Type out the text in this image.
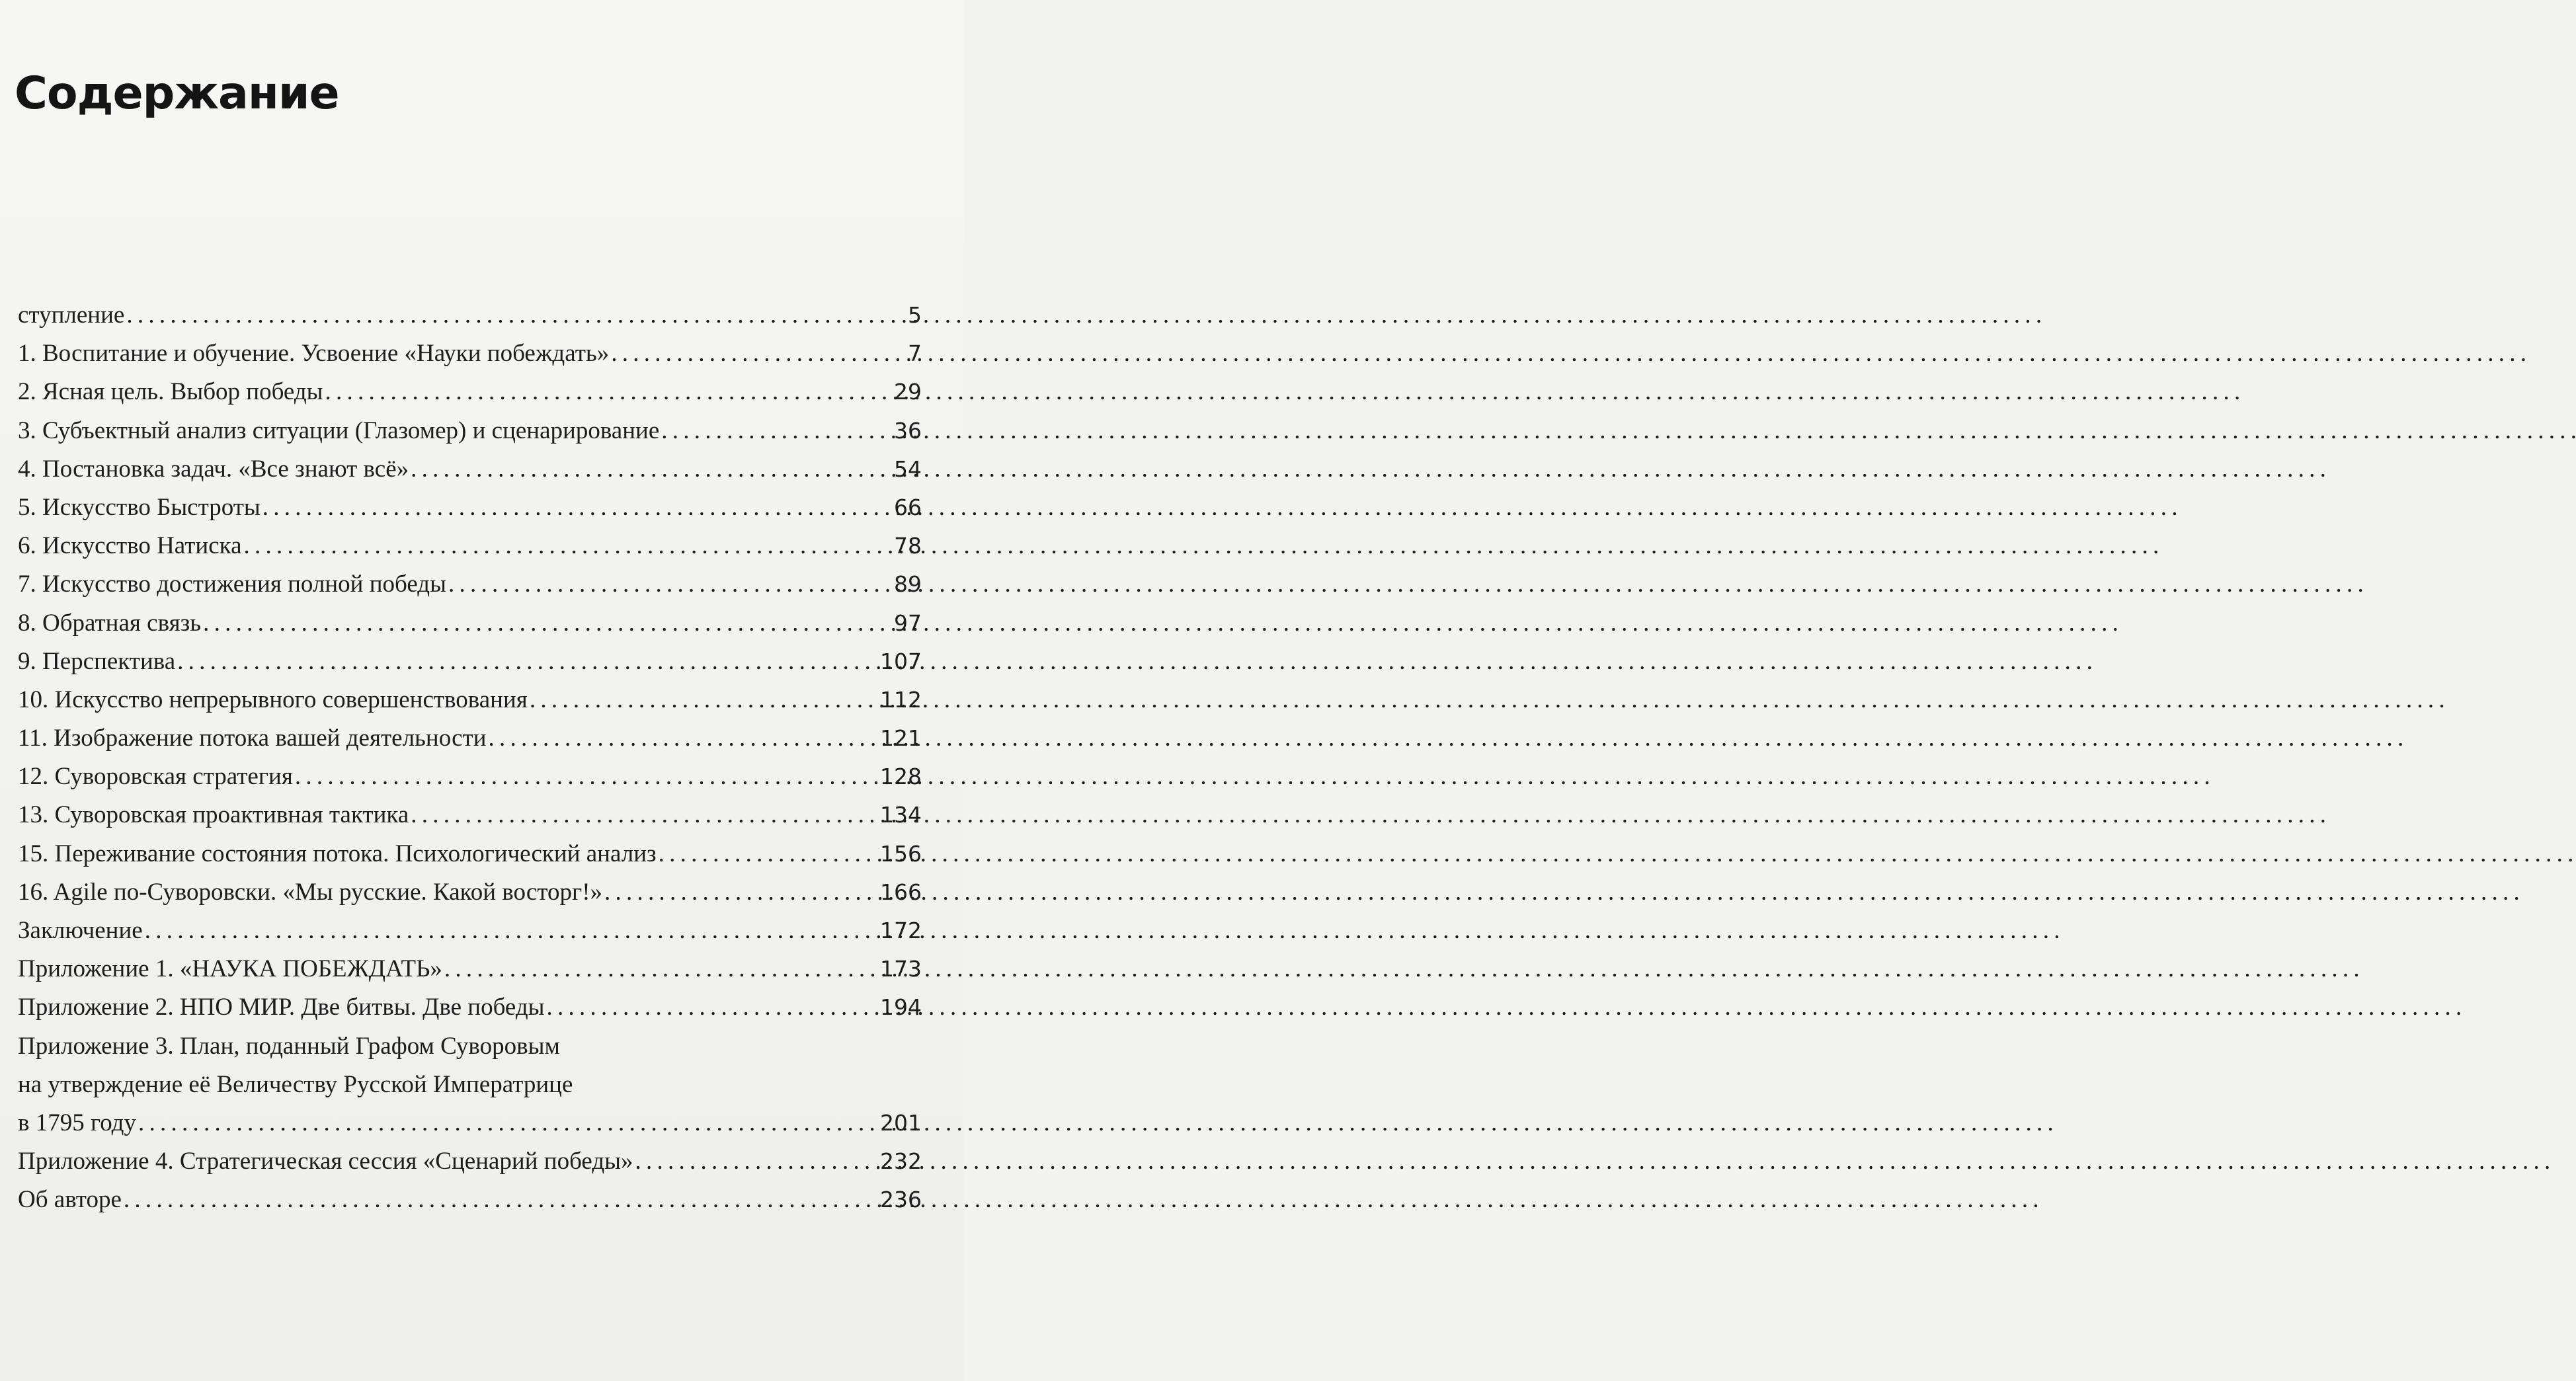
Содержание
ступление . . .	5
1. Воспитание и обучение. Усвоение «Науки побеждать» . . .	7
2. Ясная цель. Выбор победы . . .	29
3. Субъектный анализ ситуации (Глазомер) и сценарирование . . .	36
4. Постановка задач. «Все знают всё» . . .	54
5. Искусство Быстроты . . .	66
6. Искусство Натиска . . .	78
7. Искусство достижения полной победы . . .	89
8. Обратная связь . . .	97
9. Перспектива . . .	107
10. Искусство непрерывного совершенствования . . .	112
11. Изображение потока вашей деятельности . . .	121
12. Суворовская стратегия . . .	128
13. Суворовская проактивная тактика . . .	134
15. Переживание состояния потока. Психологический анализ . . .	156
16. Agile по-Суворовски. «Мы русские. Какой восторг!» . . .	166
Заключение . . .	172
Приложение 1. «НАУКА ПОБЕЖДАТЬ» . . .	173
Приложение 2. НПО МИР. Две битвы. Две победы . . .	194
Приложение 3. План, поданный Графом Суворовым
на утверждение её Величеству Русской Императрице
в 1795 году . . .	201
Приложение 4. Стратегическая сессия «Сценарий победы» . . .	232
Об авторе . . .	236
